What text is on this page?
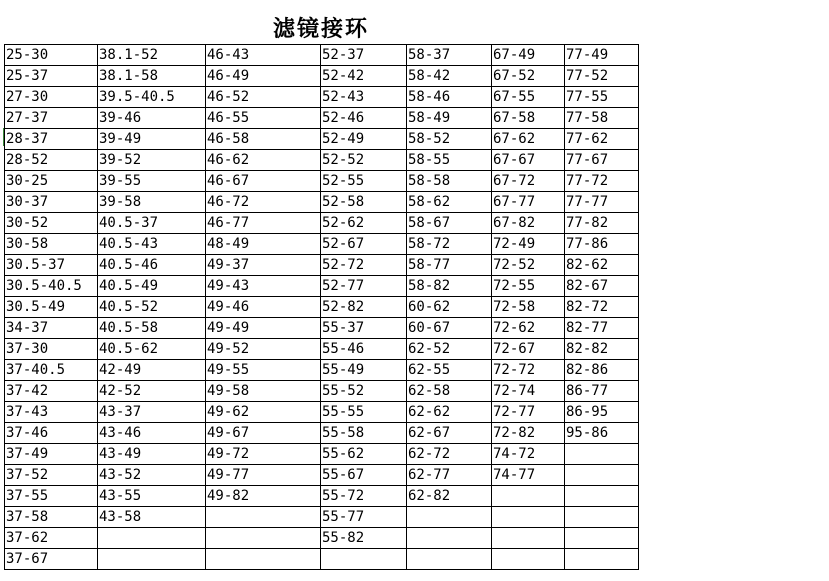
滤镜接环
25-30	38.1-52	46-43	52-37	58-37	67-49	77-49
25-37	38.1-58	46-49	52-42	58-42	67-52	77-52
27-30	39.5-40.5	46-52	52-43	58-46	67-55	77-55
27-37	39-46	46-55	52-46	58-49	67-58	77-58
28-37	39-49	46-58	52-49	58-52	67-62	77-62
28-52	39-52	46-62	52-52	58-55	67-67	77-67
30-25	39-55	46-67	52-55	58-58	67-72	77-72
30-37	39-58	46-72	52-58	58-62	67-77	77-77
30-52	40.5-37	46-77	52-62	58-67	67-82	77-82
30-58	40.5-43	48-49	52-67	58-72	72-49	77-86
30.5-37	40.5-46	49-37	52-72	58-77	72-52	82-62
30.5-40.5	40.5-49	49-43	52-77	58-82	72-55	82-67
30.5-49	40.5-52	49-46	52-82	60-62	72-58	82-72
34-37	40.5-58	49-49	55-37	60-67	72-62	82-77
37-30	40.5-62	49-52	55-46	62-52	72-67	82-82
37-40.5	42-49	49-55	55-49	62-55	72-72	82-86
37-42	42-52	49-58	55-52	62-58	72-74	86-77
37-43	43-37	49-62	55-55	62-62	72-77	86-95
37-46	43-46	49-67	55-58	62-67	72-82	95-86
37-49	43-49	49-72	55-62	62-72	74-72	
37-52	43-52	49-77	55-67	62-77	74-77	
37-55	43-55	49-82	55-72	62-82		
37-58	43-58		55-77			
37-62			55-82			
37-67						
